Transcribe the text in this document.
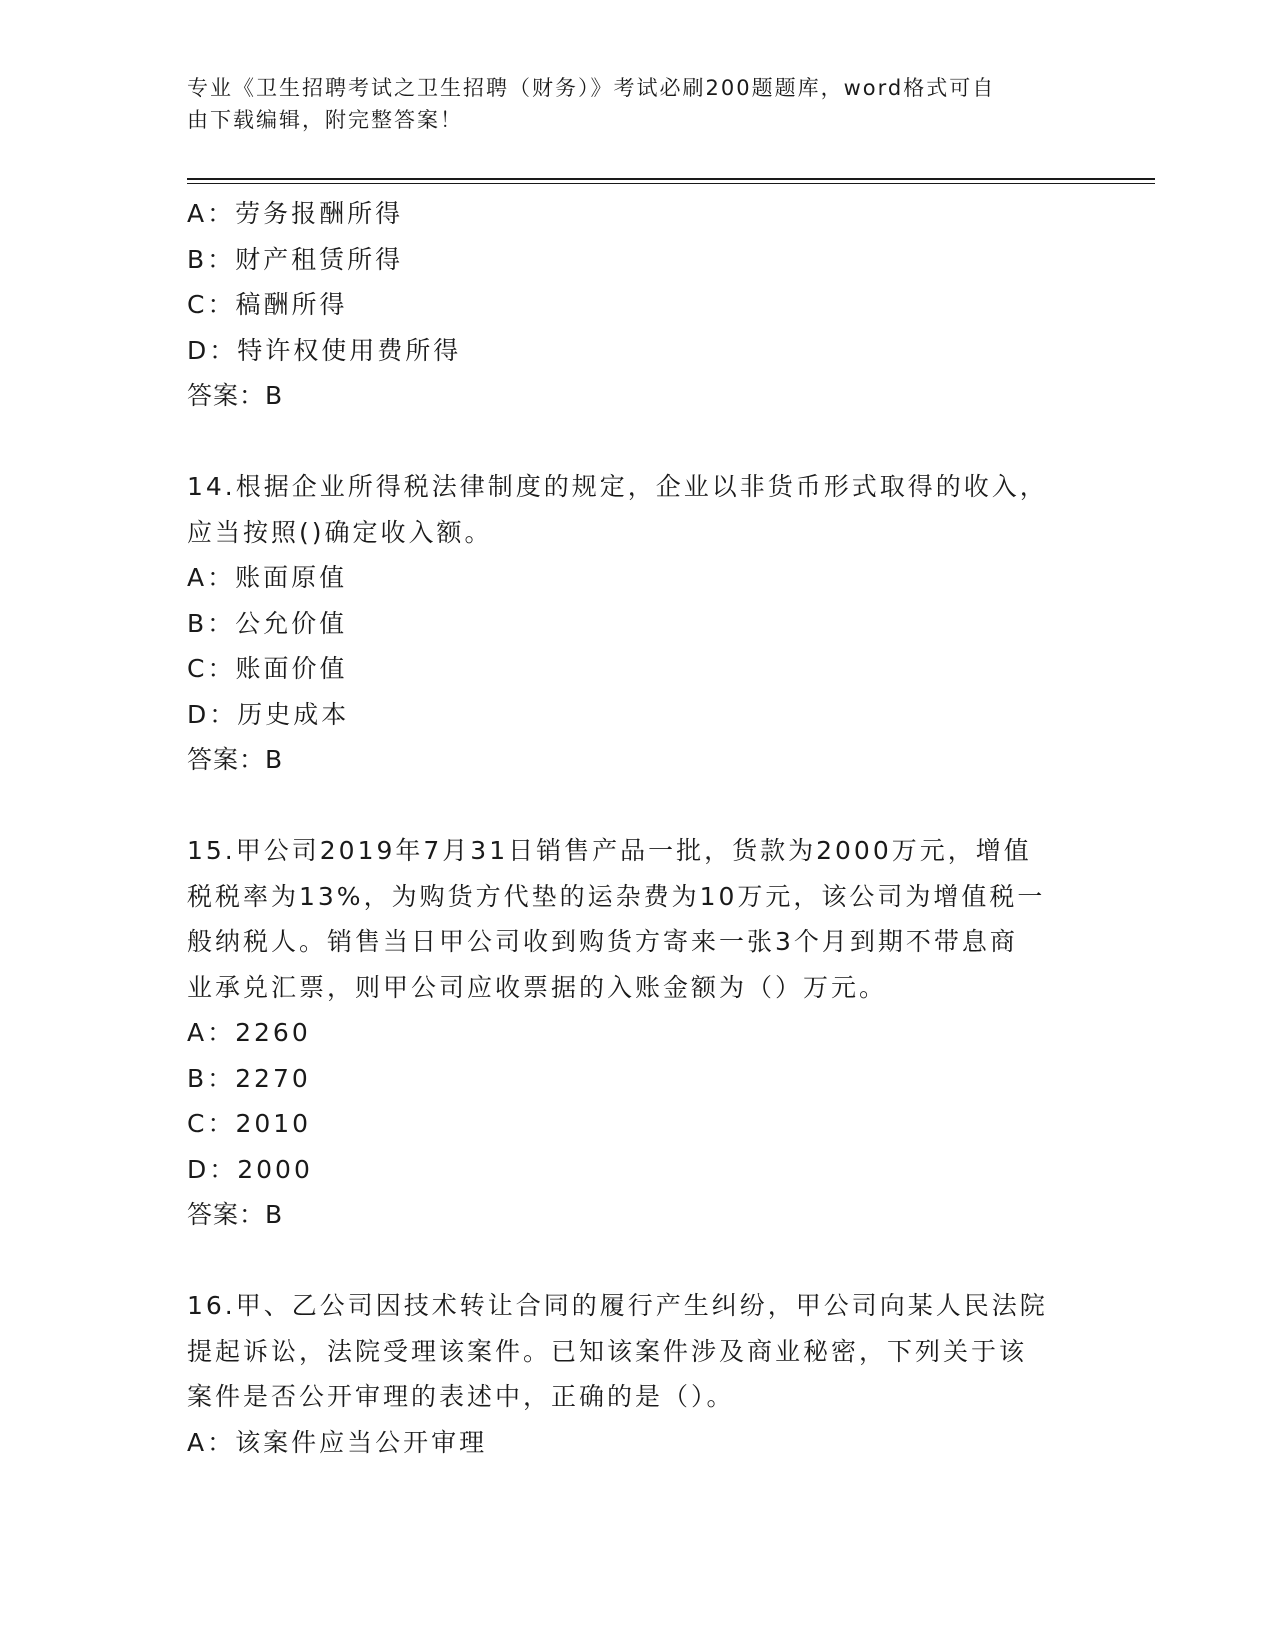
专业《卫生招聘考试之卫生招聘（财务）》考试必刷200题题库，word格式可自
由下载编辑，附完整答案！
A：劳务报酬所得
B：财产租赁所得
C：稿酬所得
D：特许权使用费所得
答案：B
14.根据企业所得税法律制度的规定，企业以非货币形式取得的收入，
应当按照()确定收入额。
A：账面原值
B：公允价值
C：账面价值
D：历史成本
答案：B
15.甲公司2019年7月31日销售产品一批，货款为2000万元，增值
税税率为13%，为购货方代垫的运杂费为10万元，该公司为增值税一
般纳税人。销售当日甲公司收到购货方寄来一张3个月到期不带息商
业承兑汇票，则甲公司应收票据的入账金额为（）万元。
A：2260
B：2270
C：2010
D：2000
答案：B
16.甲、乙公司因技术转让合同的履行产生纠纷，甲公司向某人民法院
提起诉讼，法院受理该案件。已知该案件涉及商业秘密，下列关于该
案件是否公开审理的表述中，正确的是（）。
A：该案件应当公开审理
